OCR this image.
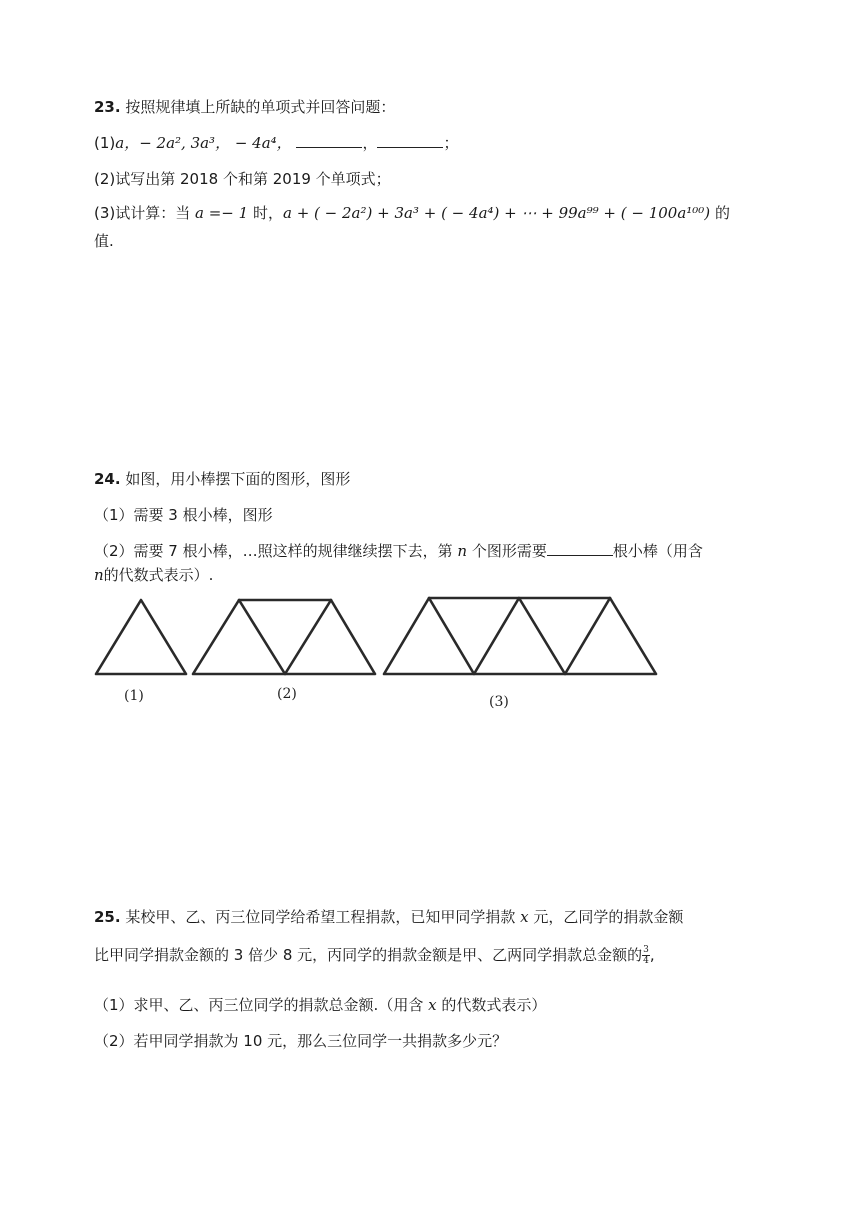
23. 按照规律填上所缺的单项式并回答问题：
(1)a，− 2a², 3a³， − 4a⁴，	，	；
(2)试写出第 2018 个和第 2019 个单项式；
(3)试计算：当 a =− 1 时，a + ( − 2a²) + 3a³ + ( − 4a⁴) + ⋯ + 99a⁹⁹ + ( − 100a¹⁰⁰) 的
值.
24. 如图，用小棒摆下面的图形，图形
（1）需要 3 根小棒，图形
（2）需要 7 根小棒，…照这样的规律继续摆下去，第 n 个图形需要	根小棒（用含
n的代数式表示）.
(1)	(2)	(3)
25. 某校甲、乙、丙三位同学给希望工程捐款，已知甲同学捐款 x 元，乙同学的捐款金额
比甲同学捐款金额的 3 倍少 8 元，丙同学的捐款金额是甲、乙两同学捐款总金额的 $\frac{3}{4}$ ,
（1）求甲、乙、丙三位同学的捐款总金额.（用含 x 的代数式表示）
（2）若甲同学捐款为 10 元，那么三位同学一共捐款多少元？
